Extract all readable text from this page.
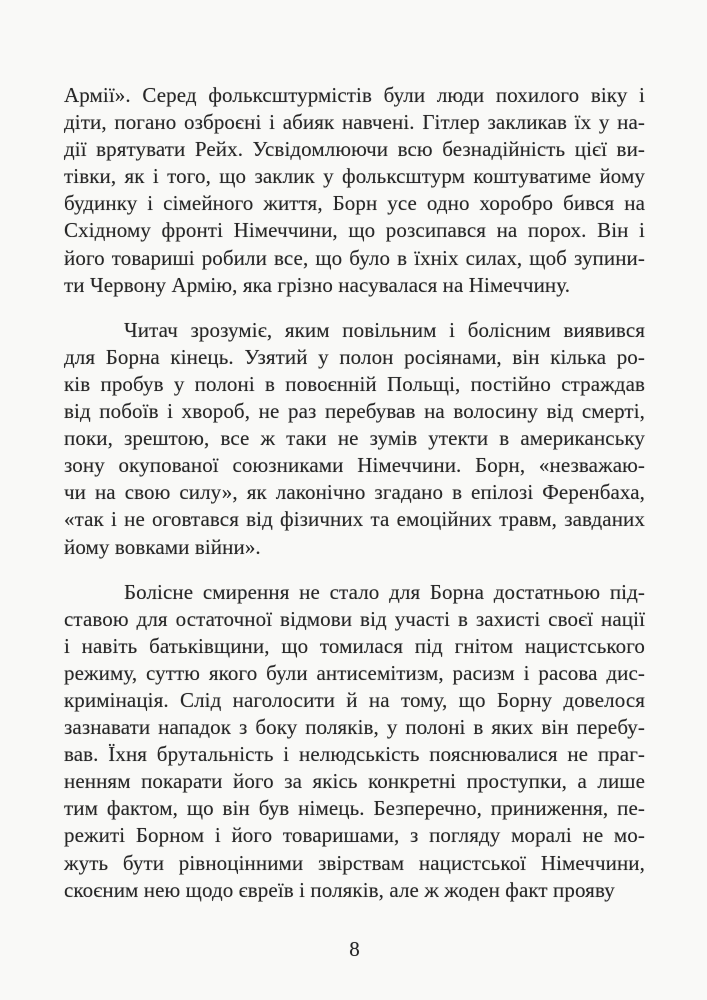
Армії». Серед фольксштурмістів були люди похилого віку і
діти, погано озброєні і абияк навчені. Гітлер закликав їх у на-
дії врятувати Рейх. Усвідомлюючи всю безнадійність цієї ви-
тівки, як і того, що заклик у фольксштурм коштуватиме йому
будинку і сімейного життя, Борн усе одно хоробро бився на
Східному фронті Німеччини, що розсипався на порох. Він і
його товариші робили все, що було в їхніх силах, щоб зупини-
ти Червону Армію, яка грізно насувалася на Німеччину.
Читач зрозуміє, яким повільним і болісним виявився
для Борна кінець. Узятий у полон росіянами, він кілька ро-
ків пробув у полоні в повоєнній Польщі, постійно страждав
від побоїв і хвороб, не раз перебував на волосину від смерті,
поки, зрештою, все ж таки не зумів утекти в американську
зону окупованої союзниками Німеччини. Борн, «незважаю-
чи на свою силу», як лаконічно згадано в епілозі Ференбаха,
«так і не оговтався від фізичних та емоційних травм, завданих
йому вовками війни».
Болісне смирення не стало для Борна достатньою під-
ставою для остаточної відмови від участі в захисті своєї нації
і навіть батьківщини, що томилася під гнітом нацистського
режиму, суттю якого були антисемітизм, расизм і расова дис-
кримінація. Слід наголосити й на тому, що Борну довелося
зазнавати нападок з боку поляків, у полоні в яких він перебу-
вав. Їхня брутальність і нелюдськість пояснювалися не праг-
ненням покарати його за якісь конкретні проступки, а лише
тим фактом, що він був німець. Безперечно, приниження, пе-
режиті Борном і його товаришами, з погляду моралі не мо-
жуть бути рівноцінними звірствам нацистської Німеччини,
скоєним нею щодо євреїв і поляків, але ж жоден факт прояву
8
